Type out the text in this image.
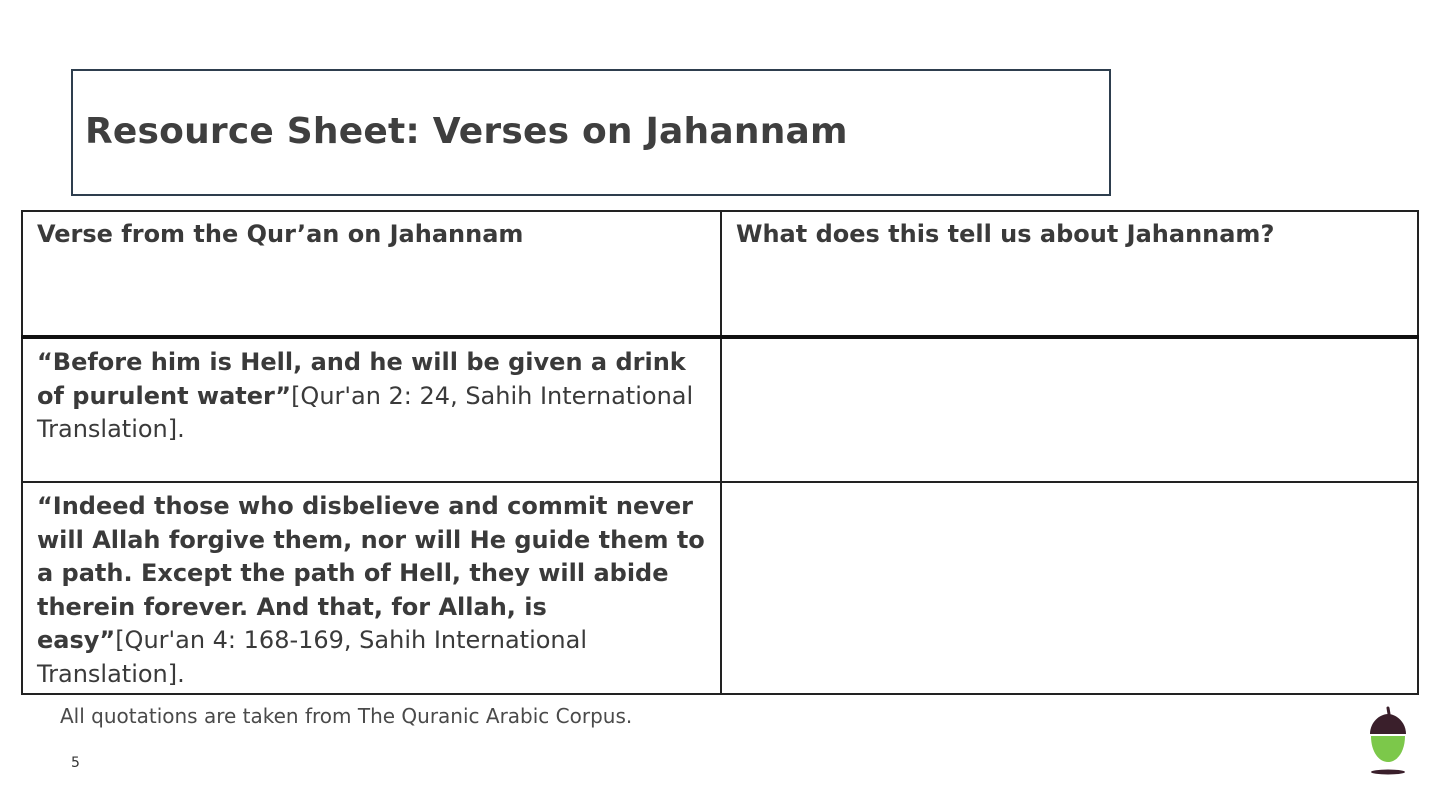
Resource Sheet: Verses on Jahannam
Verse from the Qur’an on Jahannam	What does this tell us about Jahannam?
“Before him is Hell, and he will be given a drink of purulent water”[Qur'an 2: 24, Sahih International Translation].	
“Indeed those who disbelieve and commit never will Allah forgive them, nor will He guide them to a path. Except the path of Hell, they will abide therein forever. And that, for Allah, is easy”[Qur'an 4: 168-169, Sahih International Translation].	
All quotations are taken from The Quranic Arabic Corpus.
5
